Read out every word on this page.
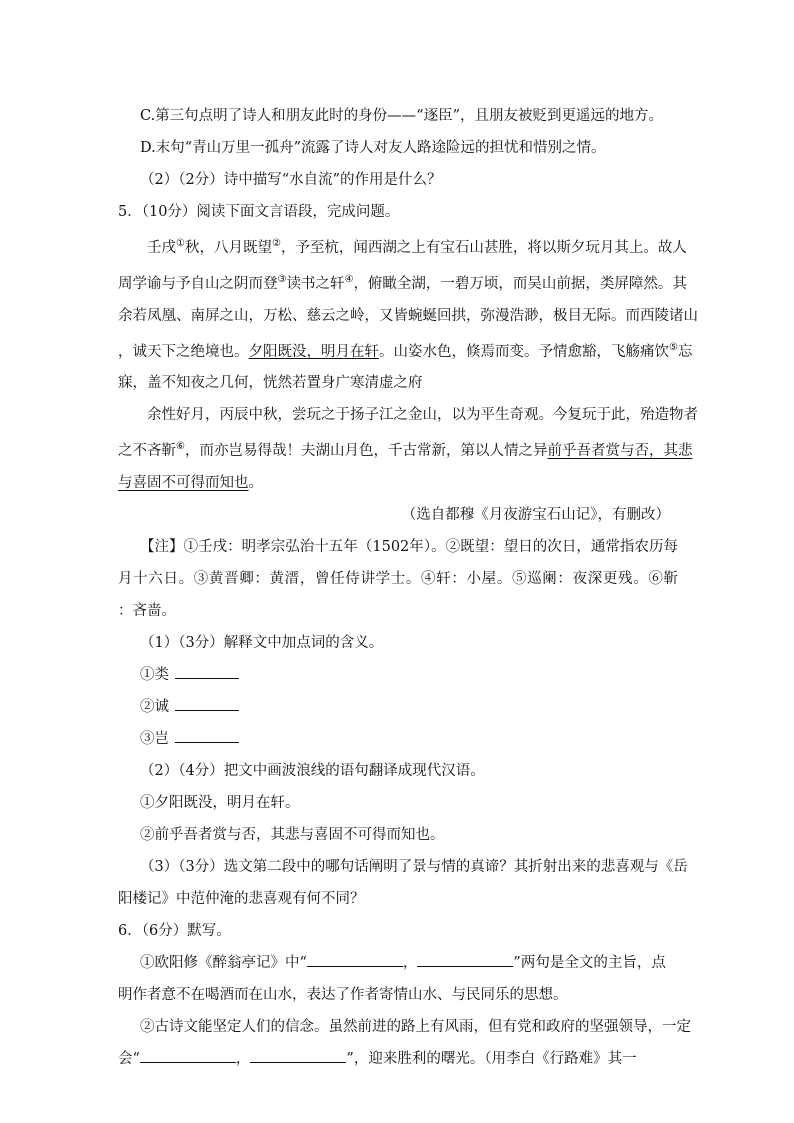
C.第三句点明了诗人和朋友此时的身份——“逐臣”，且朋友被贬到更遥远的地方。
D.末句“青山万里一孤舟”流露了诗人对友人路途险远的担忧和惜别之情。
（2）（2分）诗中描写“水自流”的作用是什么？
5．（10分）阅读下面文言语段，完成问题。
壬戌①秋，八月既望②，予至杭，闻西湖之上有宝石山甚胜，将以斯夕玩月其上。故人
周学谕与予自山之阴而登③读书之轩④，俯瞰全湖，一碧万顷，而吴山前据，类屏障然。其
余若凤凰、南屏之山，万松、慈云之岭，又皆蜿蜒回拱，弥漫浩渺，极目无际。而西陵诸山
，诚天下之绝境也。夕阳既没，明月在轩。山姿水色，倏焉而变。予情愈豁，飞觞痛饮⑤忘
寐，盖不知夜之几何，恍然若置身广寒清虚之府
余性好月，丙辰中秋，尝玩之于扬子江之金山，以为平生奇观。今复玩于此，殆造物者
之不吝靳⑥，而亦岂易得哉！夫湖山月色，千古常新，第以人情之异前乎吾者赏与否，其悲
与喜固不可得而知也。
（选自都穆《月夜游宝石山记》，有删改）
【注】①壬戌：明孝宗弘治十五年（1502年）。②既望：望日的次日，通常指农历每
月十六日。③黄晋卿：黄溍，曾任侍讲学士。④轩：小屋。⑤巡阑：夜深更残。⑥靳
：吝啬。
（1）（3分）解释文中加点词的含义。
①类
②诚
③岂
（2）（4分）把文中画波浪线的语句翻译成现代汉语。
①夕阳既没，明月在轩。
②前乎吾者赏与否，其悲与喜固不可得而知也。
（3）（3分）选文第二段中的哪句话阐明了景与情的真谛？其折射出来的悲喜观与《岳
阳楼记》中范仲淹的悲喜观有何不同？
6．（6分）默写。
①欧阳修《醉翁亭记》中“	，	”两句是全文的主旨，点
明作者意不在喝酒而在山水，表达了作者寄情山水、与民同乐的思想。
②古诗文能坚定人们的信念。虽然前进的路上有风雨，但有党和政府的坚强领导，一定
会“	，	”，迎来胜利的曙光。（用李白《行路难》其一
